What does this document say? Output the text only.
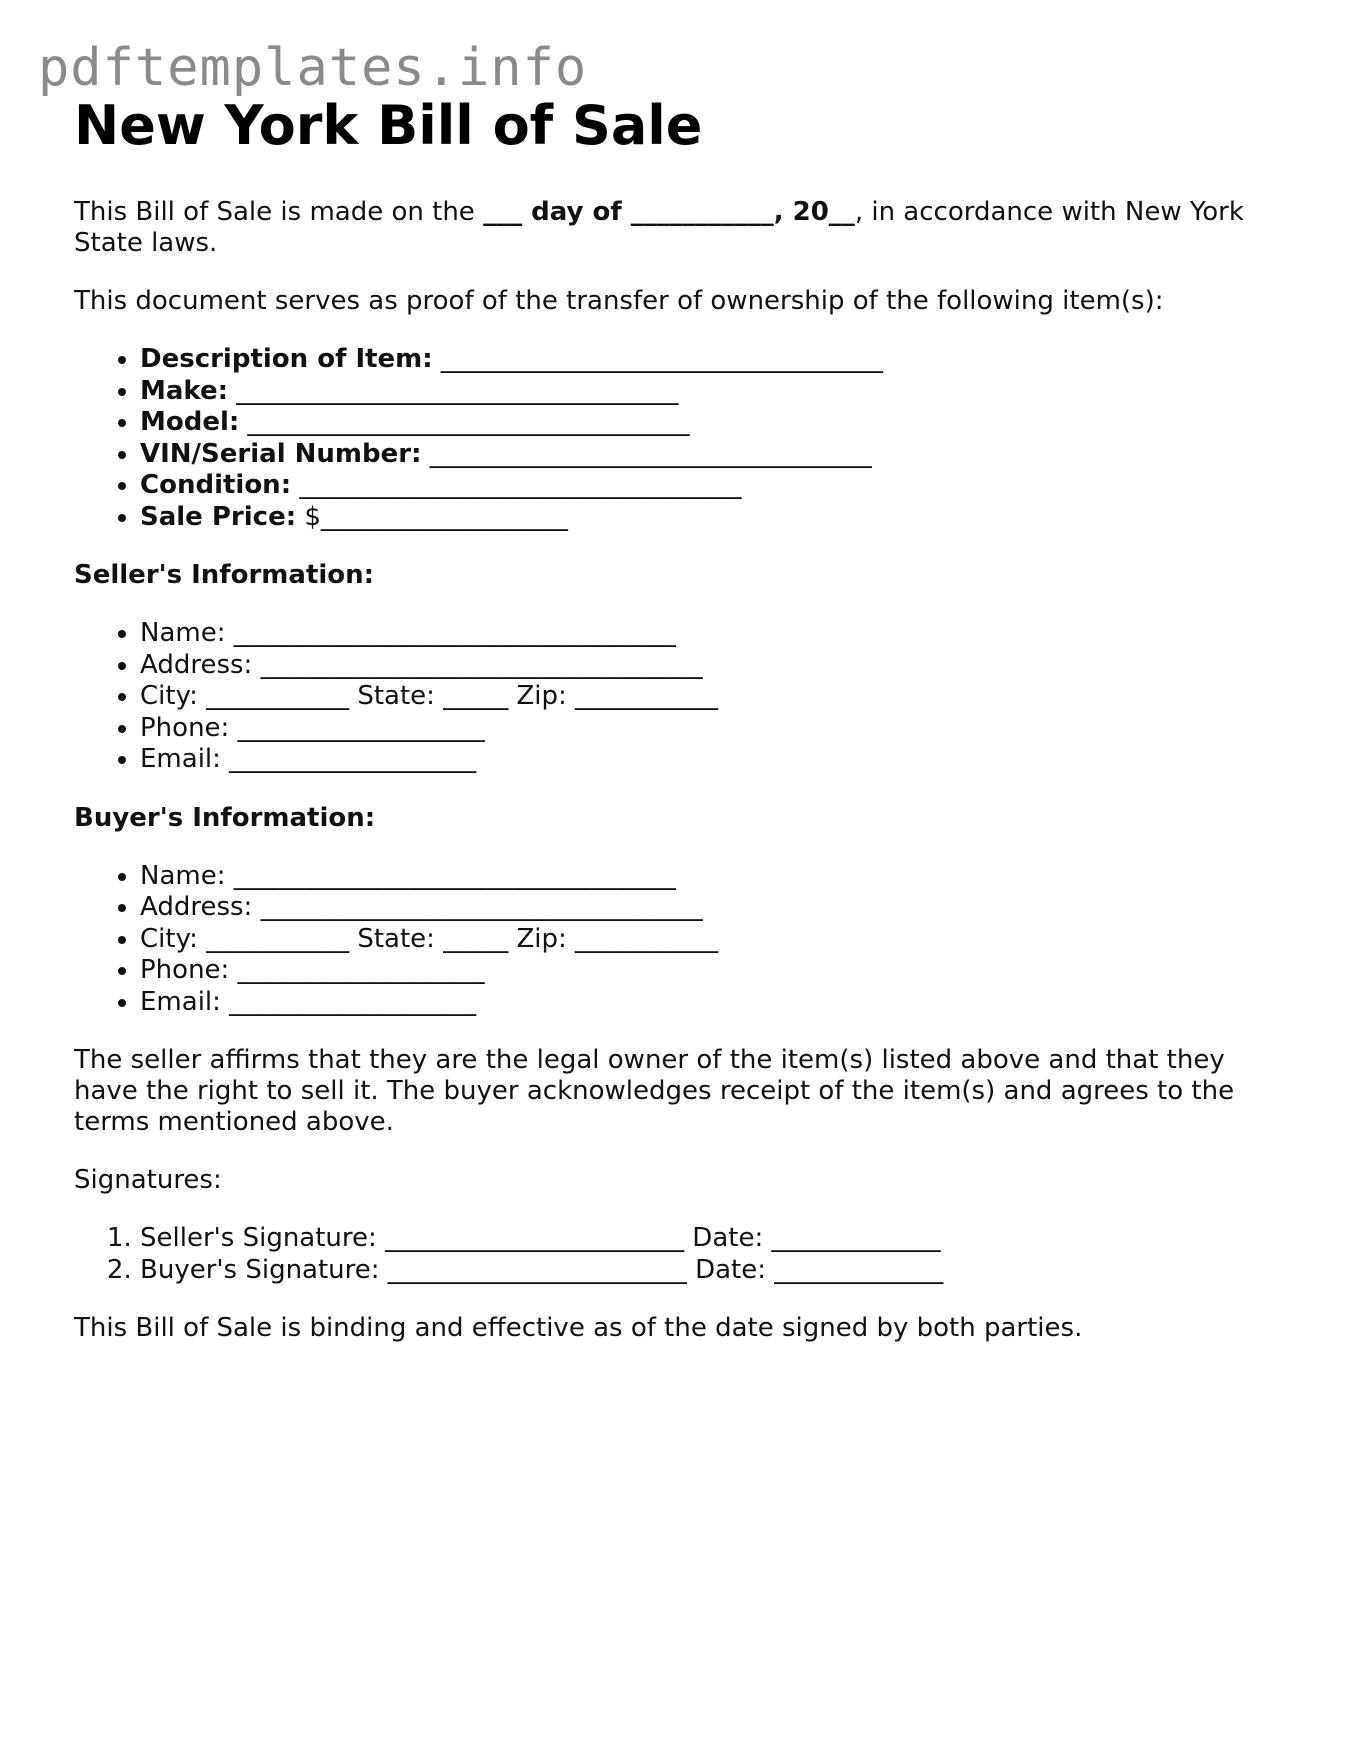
pdftemplates.info
New York Bill of Sale

This Bill of Sale is made on the ___ day of ___________, 20__, in accordance with New York State laws.

This document serves as proof of the transfer of ownership of the following item(s):

• Description of Item: __________________________________
• Make: __________________________________
• Model: __________________________________
• VIN/Serial Number: __________________________________
• Condition: __________________________________
• Sale Price: $___________________
Seller's Information:
• Name: __________________________________
• Address: __________________________________
• City: ___________ State: _____ Zip: ___________
• Phone: ___________________
• Email: ___________________
Buyer's Information:
• Name: __________________________________
• Address: __________________________________
• City: ___________ State: _____ Zip: ___________
• Phone: ___________________
• Email: ___________________

The seller affirms that they are the legal owner of the item(s) listed above and that they have the right to sell it. The buyer acknowledges receipt of the item(s) and agrees to the terms mentioned above.

Signatures:

1. Seller's Signature: _______________________ Date: _____________
2. Buyer's Signature: _______________________ Date: _____________

This Bill of Sale is binding and effective as of the date signed by both parties.
